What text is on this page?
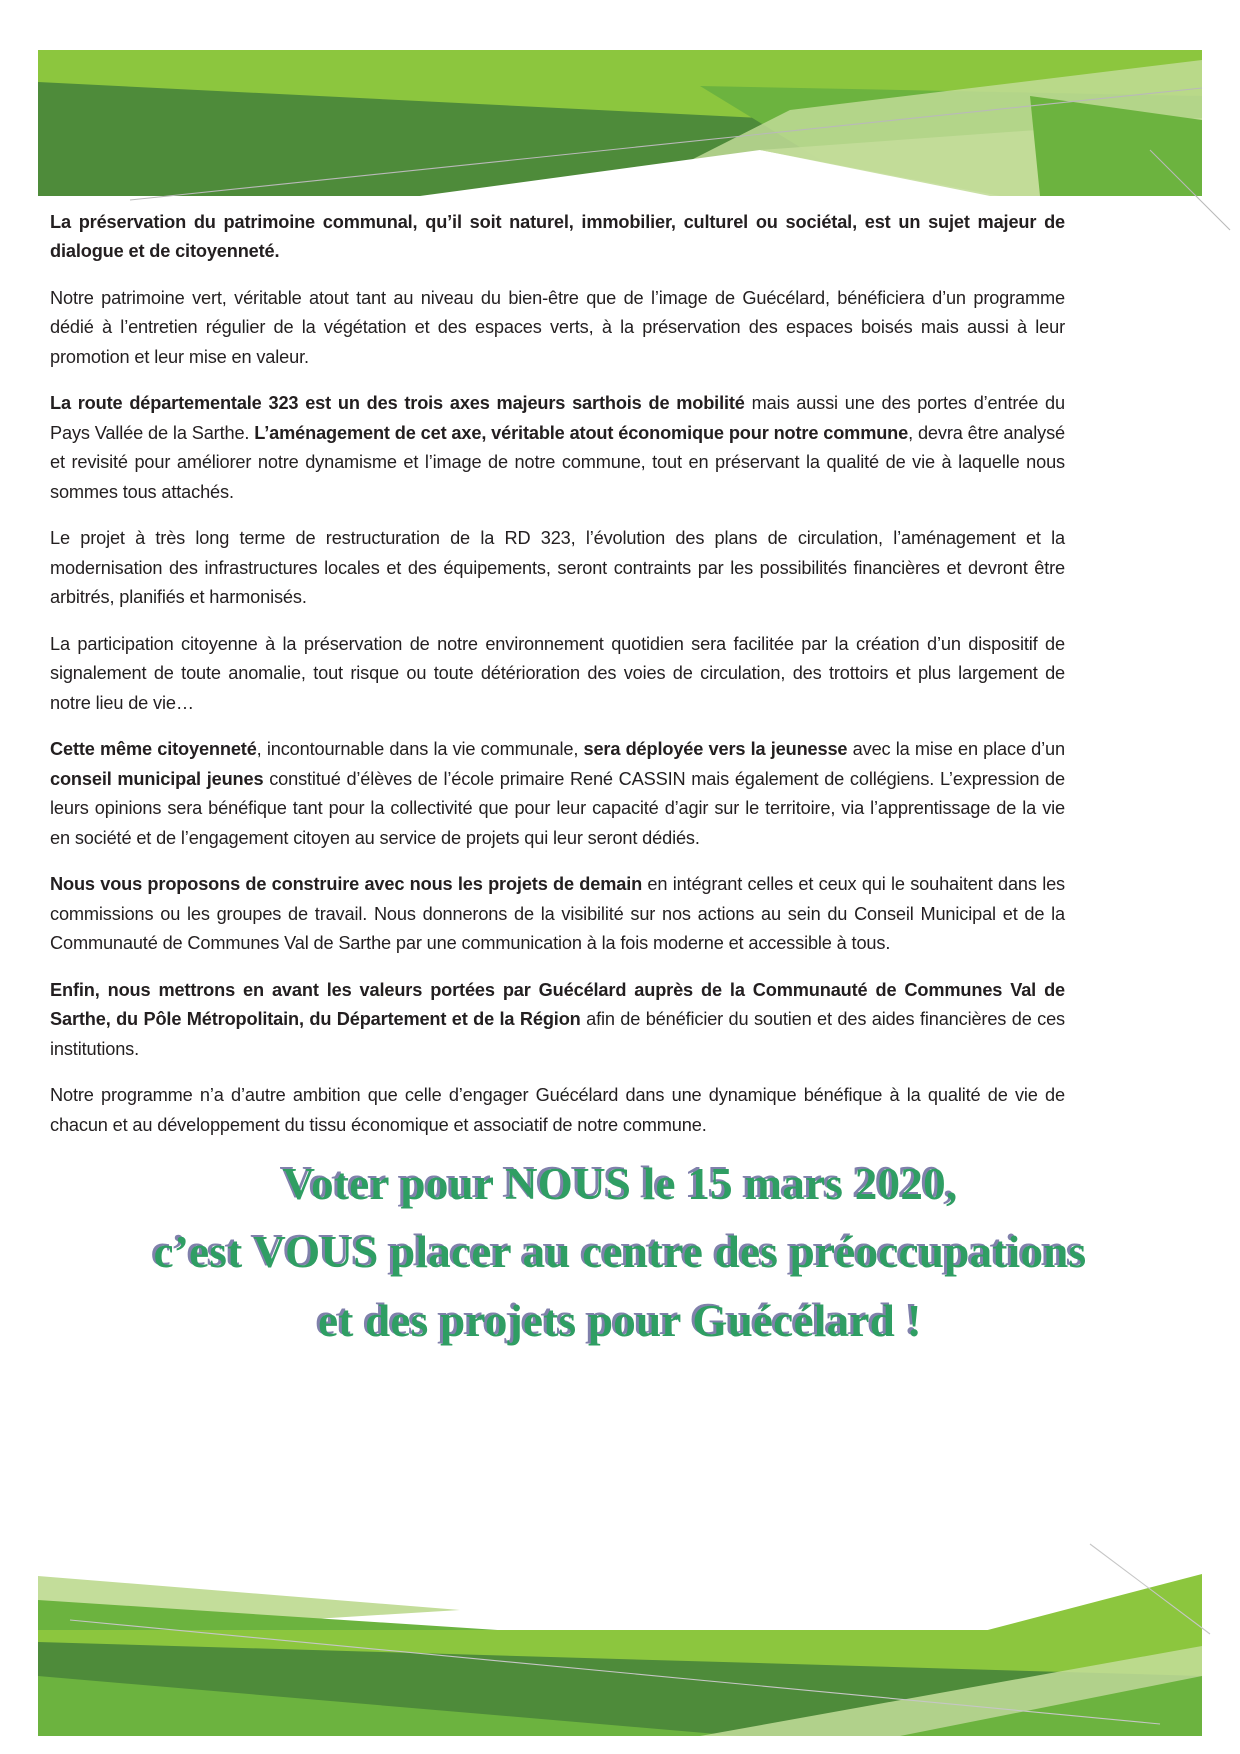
La préservation du patrimoine communal, qu’il soit naturel, immobilier, culturel ou sociétal, est un sujet majeur de dialogue et de citoyenneté.

Notre patrimoine vert, véritable atout tant au niveau du bien-être que de l’image de Guécélard, bénéficiera d’un programme dédié à l’entretien régulier de la végétation et des espaces verts, à la préservation des espaces boisés mais aussi à leur promotion et leur mise en valeur.

La route départementale 323 est un des trois axes majeurs sarthois de mobilité mais aussi une des portes d’entrée du Pays Vallée de la Sarthe. L’aménagement de cet axe, véritable atout économique pour notre commune, devra être analysé et revisité pour améliorer notre dynamisme et l’image de notre commune, tout en préservant la qualité de vie à laquelle nous sommes tous attachés.

Le projet à très long terme de restructuration de la RD 323, l’évolution des plans de circulation, l’aménagement et la modernisation des infrastructures locales et des équipements, seront contraints par les possibilités financières et devront être arbitrés, planifiés et harmonisés.

La participation citoyenne à la préservation de notre environnement quotidien sera facilitée par la création d’un dispositif de signalement de toute anomalie, tout risque ou toute détérioration des voies de circulation, des trottoirs et plus largement de notre lieu de vie…

Cette même citoyenneté, incontournable dans la vie communale, sera déployée vers la jeunesse avec la mise en place d’un conseil municipal jeunes constitué d’élèves de l’école primaire René CASSIN mais également de collégiens. L’expression de leurs opinions sera bénéfique tant pour la collectivité que pour leur capacité d’agir sur le territoire, via l’apprentissage de la vie en société et de l’engagement citoyen au service de projets qui leur seront dédiés.

Nous vous proposons de construire avec nous les projets de demain en intégrant celles et ceux qui le souhaitent dans les commissions ou les groupes de travail. Nous donnerons de la visibilité sur nos actions au sein du Conseil Municipal et de la Communauté de Communes Val de Sarthe par une communication à la fois moderne et accessible à tous.

Enfin, nous mettrons en avant les valeurs portées par Guécélard auprès de la Communauté de Communes Val de Sarthe, du Pôle Métropolitain, du Département et de la Région afin de bénéficier du soutien et des aides financières de ces institutions.

Notre programme n’a d’autre ambition que celle d’engager Guécélard dans une dynamique bénéfique à la qualité de vie de chacun et au développement du tissu économique et associatif de notre commune.

Voter pour NOUS le 15 mars 2020,
c’est VOUS placer au centre des préoccupations
et des projets pour Guécélard !
